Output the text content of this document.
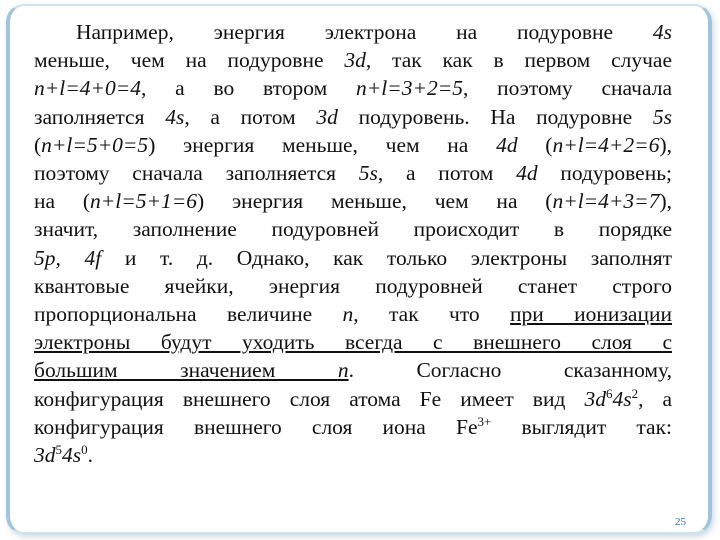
Например, энергия электрона на подуровне 4s
меньше, чем на подуровне 3d, так как в первом случае
n+l=4+0=4, а во втором n+l=3+2=5, поэтому сначала
заполняется 4s, а потом 3d подуровень. На подуровне 5s
(n+l=5+0=5) энергия меньше, чем на 4d (n+l=4+2=6),
поэтому сначала заполняется 5s, а потом 4d подуровень;
на (n+l=5+1=6) энергия меньше, чем на (n+l=4+3=7),
значит, заполнение подуровней происходит в порядке
5p, 4f и т. д. Однако, как только электроны заполнят
квантовые ячейки, энергия подуровней станет строго
пропорциональна величине n, так что при ионизации
электроны будут уходить всегда с внешнего слоя с
большим значением n. Согласно сказанному,
конфигурация внешнего слоя атома Fe имеет вид $3d^64s^2$, а
конфигурация внешнего слоя иона $Fe^{3+}$ выглядит так:
$3d^54s^0$.
25
